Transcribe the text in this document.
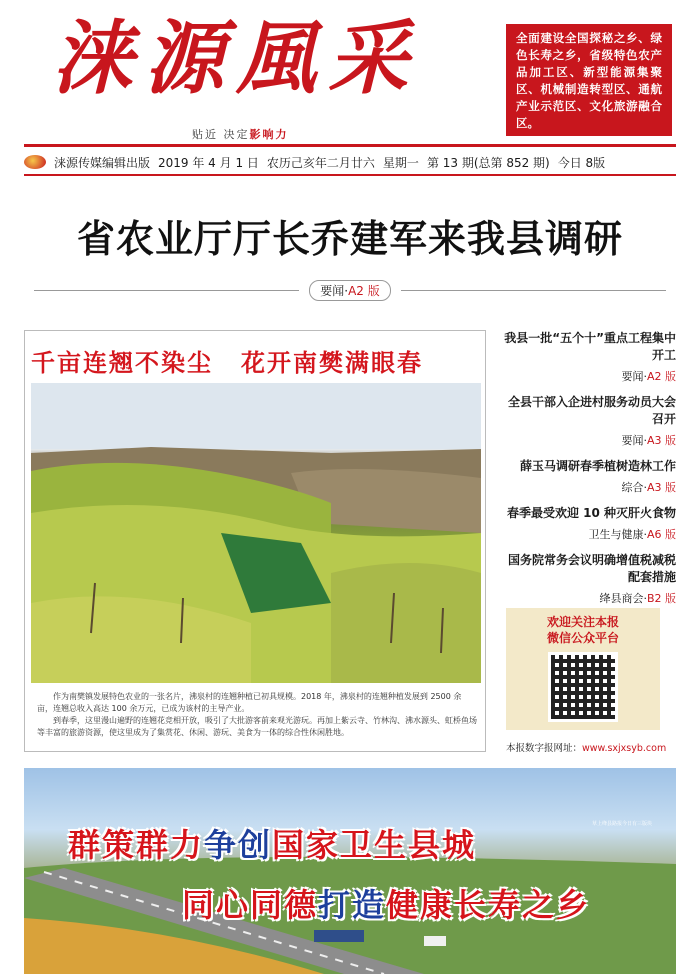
涞源風采
贴近 决定影响力
全面建设全国探秘之乡、绿色长寿之乡，省级特色农产品加工区、新型能源集聚区、机械制造转型区、通航产业示范区、文化旅游融合区。
涞源传媒编辑出版 2019 年 4 月 1 日 农历己亥年二月廿六 星期一 第 13 期(总第 852 期) 今日 8版
省农业厅厅长乔建军来我县调研
要闻·A2 版
千亩连翘不染尘 花开南樊满眼春

作为南樊镇发展特色农业的一张名片，沸泉村的连翘种植已初具规模。2018 年，沸泉村的连翘种植发展到 2500 余亩，连翘总收入高达 100 余万元，已成为该村的主导产业。

到春季，这里漫山遍野的连翘花竞相开放，吸引了大批游客前来观光游玩。再加上紫云寺、竹林沟、沸水源头、虹桥鱼场等丰富的旅游资源，使这里成为了集赏花、休闲、游玩、美食为一体的综合性休闲胜地。

我县一批“五个十”重点工程集中开工
要闻·A2 版
全县干部入企进村服务动员大会召开
要闻·A3 版
薛玉马调研春季植树造林工作
综合·A3 版
春季最受欢迎 10 种灭肝火食物
卫生与健康·A6 版
国务院常务会议明确增值税减税配套措施
绛县商会·B2 版
欢迎关注本报
微信公众平台
本报数字报网址：www.sxjxsyb.com
群策群力争创国家卫生县城
同心同德打造健康长寿之乡
草上绛县路报今日有三版块
